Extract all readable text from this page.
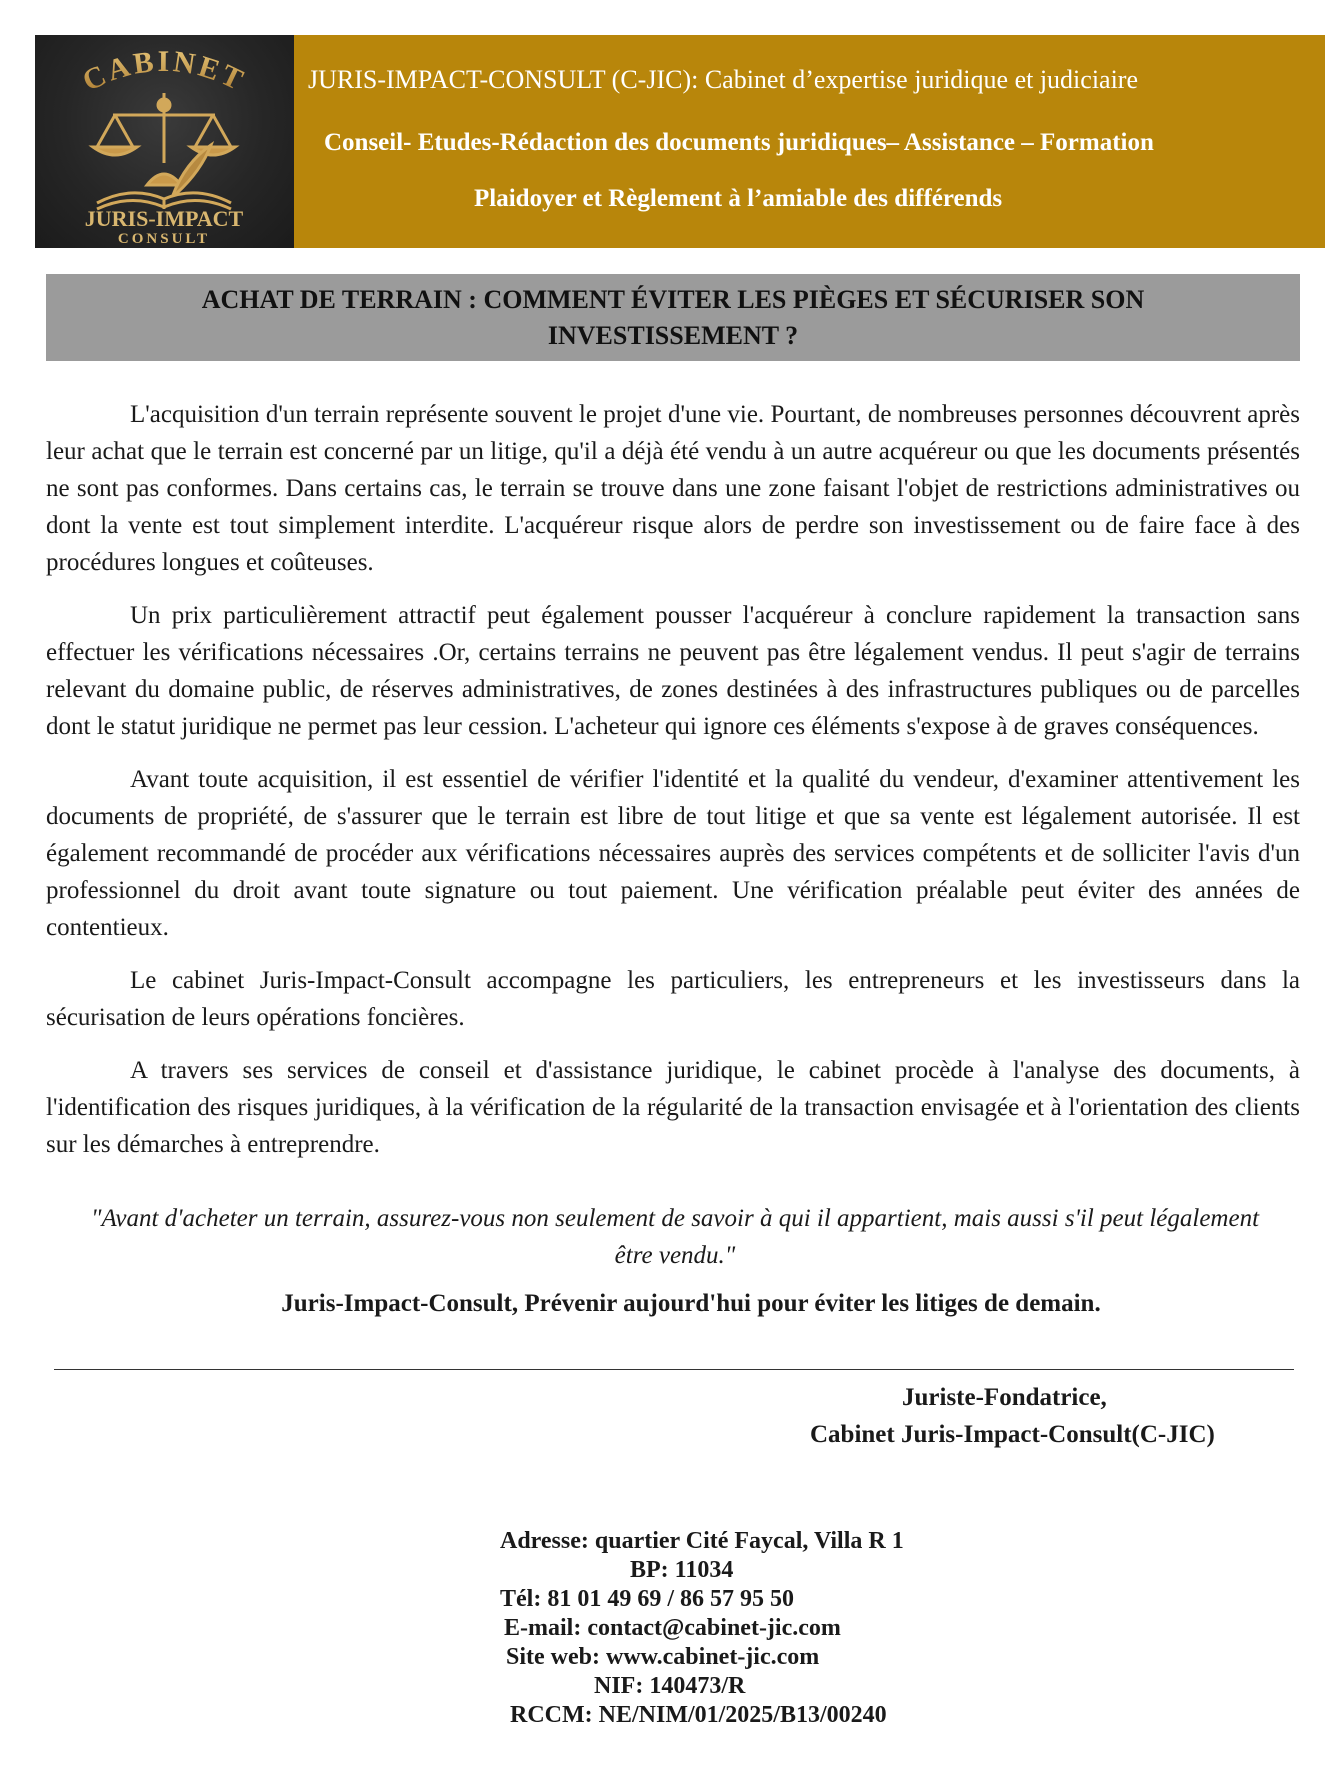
CABINET
JURIS-IMPACT
CONSULT
JURIS-IMPACT-CONSULT (C-JIC): Cabinet d’expertise juridique et judiciaire
Conseil- Etudes-Rédaction des documents juridiques– Assistance – Formation
Plaidoyer et Règlement à l’amiable des différends
ACHAT DE TERRAIN : COMMENT ÉVITER LES PIÈGES ET SÉCURISER SON INVESTISSEMENT ?

L'acquisition d'un terrain représente souvent le projet d'une vie. Pourtant, de nombreuses personnes découvrent après leur achat que le terrain est concerné par un litige, qu'il a déjà été vendu à un autre acquéreur ou que les documents présentés ne sont pas conformes. Dans certains cas, le terrain se trouve dans une zone faisant l'objet de restrictions administratives ou dont la vente est tout simplement interdite. L'acquéreur risque alors de perdre son investissement ou de faire face à des procédures longues et coûteuses.

Un prix particulièrement attractif peut également pousser l'acquéreur à conclure rapidement la transaction sans effectuer les vérifications nécessaires .Or, certains terrains ne peuvent pas être légalement vendus. Il peut s'agir de terrains relevant du domaine public, de réserves administratives, de zones destinées à des infrastructures publiques ou de parcelles dont le statut juridique ne permet pas leur cession. L'acheteur qui ignore ces éléments s'expose à de graves conséquences.

Avant toute acquisition, il est essentiel de vérifier l'identité et la qualité du vendeur, d'examiner attentivement les documents de propriété, de s'assurer que le terrain est libre de tout litige et que sa vente est légalement autorisée. Il est également recommandé de procéder aux vérifications nécessaires auprès des services compétents et de solliciter l'avis d'un professionnel du droit avant toute signature ou tout paiement. Une vérification préalable peut éviter des années de contentieux.

Le cabinet Juris-Impact-Consult accompagne les particuliers, les entrepreneurs et les investisseurs dans la sécurisation de leurs opérations foncières.

A travers ses services de conseil et d'assistance juridique, le cabinet procède à l'analyse des documents, à l'identification des risques juridiques, à la vérification de la régularité de la transaction envisagée et à l'orientation des clients sur les démarches à entreprendre.

"Avant d'acheter un terrain, assurez-vous non seulement de savoir à qui il appartient, mais aussi s'il peut légalement être vendu."
Juris-Impact-Consult, Prévenir aujourd'hui pour éviter les litiges de demain.
Juriste-Fondatrice,
Cabinet Juris-Impact-Consult(C-JIC)
Adresse: quartier Cité Faycal, Villa R 1
BP: 11034
Tél: 81 01 49 69 / 86 57 95 50
E-mail: contact@cabinet-jic.com
Site web: www.cabinet-jic.com
NIF: 140473/R
RCCM: NE/NIM/01/2025/B13/00240
